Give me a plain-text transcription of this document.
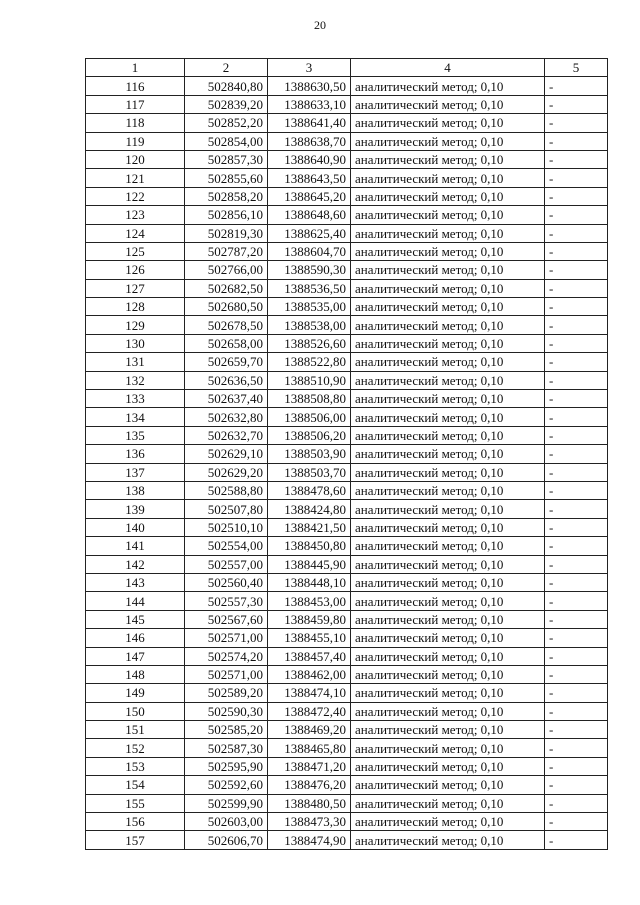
20
1	2	3	4	5
116	502840,80	1388630,50	аналитический метод; 0,10	-
117	502839,20	1388633,10	аналитический метод; 0,10	-
118	502852,20	1388641,40	аналитический метод; 0,10	-
119	502854,00	1388638,70	аналитический метод; 0,10	-
120	502857,30	1388640,90	аналитический метод; 0,10	-
121	502855,60	1388643,50	аналитический метод; 0,10	-
122	502858,20	1388645,20	аналитический метод; 0,10	-
123	502856,10	1388648,60	аналитический метод; 0,10	-
124	502819,30	1388625,40	аналитический метод; 0,10	-
125	502787,20	1388604,70	аналитический метод; 0,10	-
126	502766,00	1388590,30	аналитический метод; 0,10	-
127	502682,50	1388536,50	аналитический метод; 0,10	-
128	502680,50	1388535,00	аналитический метод; 0,10	-
129	502678,50	1388538,00	аналитический метод; 0,10	-
130	502658,00	1388526,60	аналитический метод; 0,10	-
131	502659,70	1388522,80	аналитический метод; 0,10	-
132	502636,50	1388510,90	аналитический метод; 0,10	-
133	502637,40	1388508,80	аналитический метод; 0,10	-
134	502632,80	1388506,00	аналитический метод; 0,10	-
135	502632,70	1388506,20	аналитический метод; 0,10	-
136	502629,10	1388503,90	аналитический метод; 0,10	-
137	502629,20	1388503,70	аналитический метод; 0,10	-
138	502588,80	1388478,60	аналитический метод; 0,10	-
139	502507,80	1388424,80	аналитический метод; 0,10	-
140	502510,10	1388421,50	аналитический метод; 0,10	-
141	502554,00	1388450,80	аналитический метод; 0,10	-
142	502557,00	1388445,90	аналитический метод; 0,10	-
143	502560,40	1388448,10	аналитический метод; 0,10	-
144	502557,30	1388453,00	аналитический метод; 0,10	-
145	502567,60	1388459,80	аналитический метод; 0,10	-
146	502571,00	1388455,10	аналитический метод; 0,10	-
147	502574,20	1388457,40	аналитический метод; 0,10	-
148	502571,00	1388462,00	аналитический метод; 0,10	-
149	502589,20	1388474,10	аналитический метод; 0,10	-
150	502590,30	1388472,40	аналитический метод; 0,10	-
151	502585,20	1388469,20	аналитический метод; 0,10	-
152	502587,30	1388465,80	аналитический метод; 0,10	-
153	502595,90	1388471,20	аналитический метод; 0,10	-
154	502592,60	1388476,20	аналитический метод; 0,10	-
155	502599,90	1388480,50	аналитический метод; 0,10	-
156	502603,00	1388473,30	аналитический метод; 0,10	-
157	502606,70	1388474,90	аналитический метод; 0,10	-
